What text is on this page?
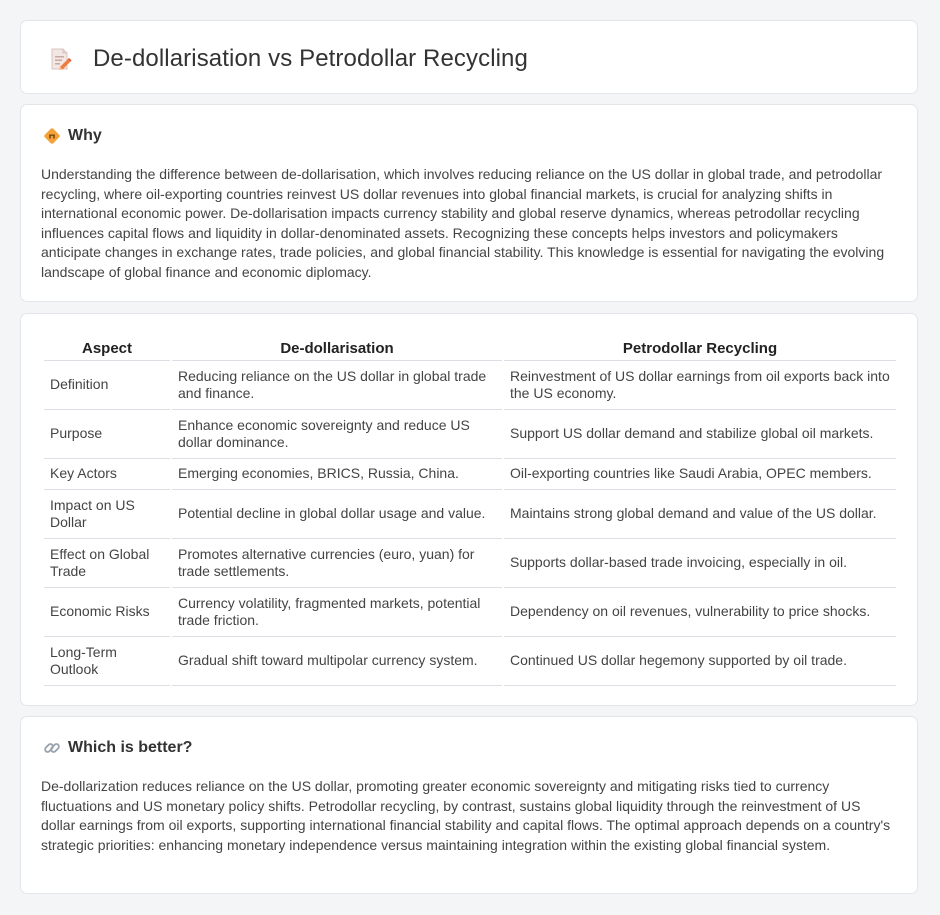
De-dollarisation vs Petrodollar Recycling
Why

Understanding the difference between de-dollarisation, which involves reducing reliance on the US dollar in global trade, and petrodollar recycling, where oil-exporting countries reinvest US dollar revenues into global financial markets, is crucial for analyzing shifts in international economic power. De-dollarisation impacts currency stability and global reserve dynamics, whereas petrodollar recycling influences capital flows and liquidity in dollar-denominated assets. Recognizing these concepts helps investors and policymakers anticipate changes in exchange rates, trade policies, and global financial stability. This knowledge is essential for navigating the evolving landscape of global finance and economic diplomacy.

Aspect	De-dollarisation	Petrodollar Recycling
Definition	Reducing reliance on the US dollar in global trade and finance.	Reinvestment of US dollar earnings from oil exports back into the US economy.
Purpose	Enhance economic sovereignty and reduce US dollar dominance.	Support US dollar demand and stabilize global oil markets.
Key Actors	Emerging economies, BRICS, Russia, China.	Oil-exporting countries like Saudi Arabia, OPEC members.
Impact on US Dollar	Potential decline in global dollar usage and value.	Maintains strong global demand and value of the US dollar.
Effect on Global Trade	Promotes alternative currencies (euro, yuan) for trade settlements.	Supports dollar-based trade invoicing, especially in oil.
Economic Risks	Currency volatility, fragmented markets, potential trade friction.	Dependency on oil revenues, vulnerability to price shocks.
Long-Term Outlook	Gradual shift toward multipolar currency system.	Continued US dollar hegemony supported by oil trade.
Which is better?

De-dollarization reduces reliance on the US dollar, promoting greater economic sovereignty and mitigating risks tied to currency fluctuations and US monetary policy shifts. Petrodollar recycling, by contrast, sustains global liquidity through the reinvestment of US dollar earnings from oil exports, supporting international financial stability and capital flows. The optimal approach depends on a country's strategic priorities: enhancing monetary independence versus maintaining integration within the existing global financial system.
